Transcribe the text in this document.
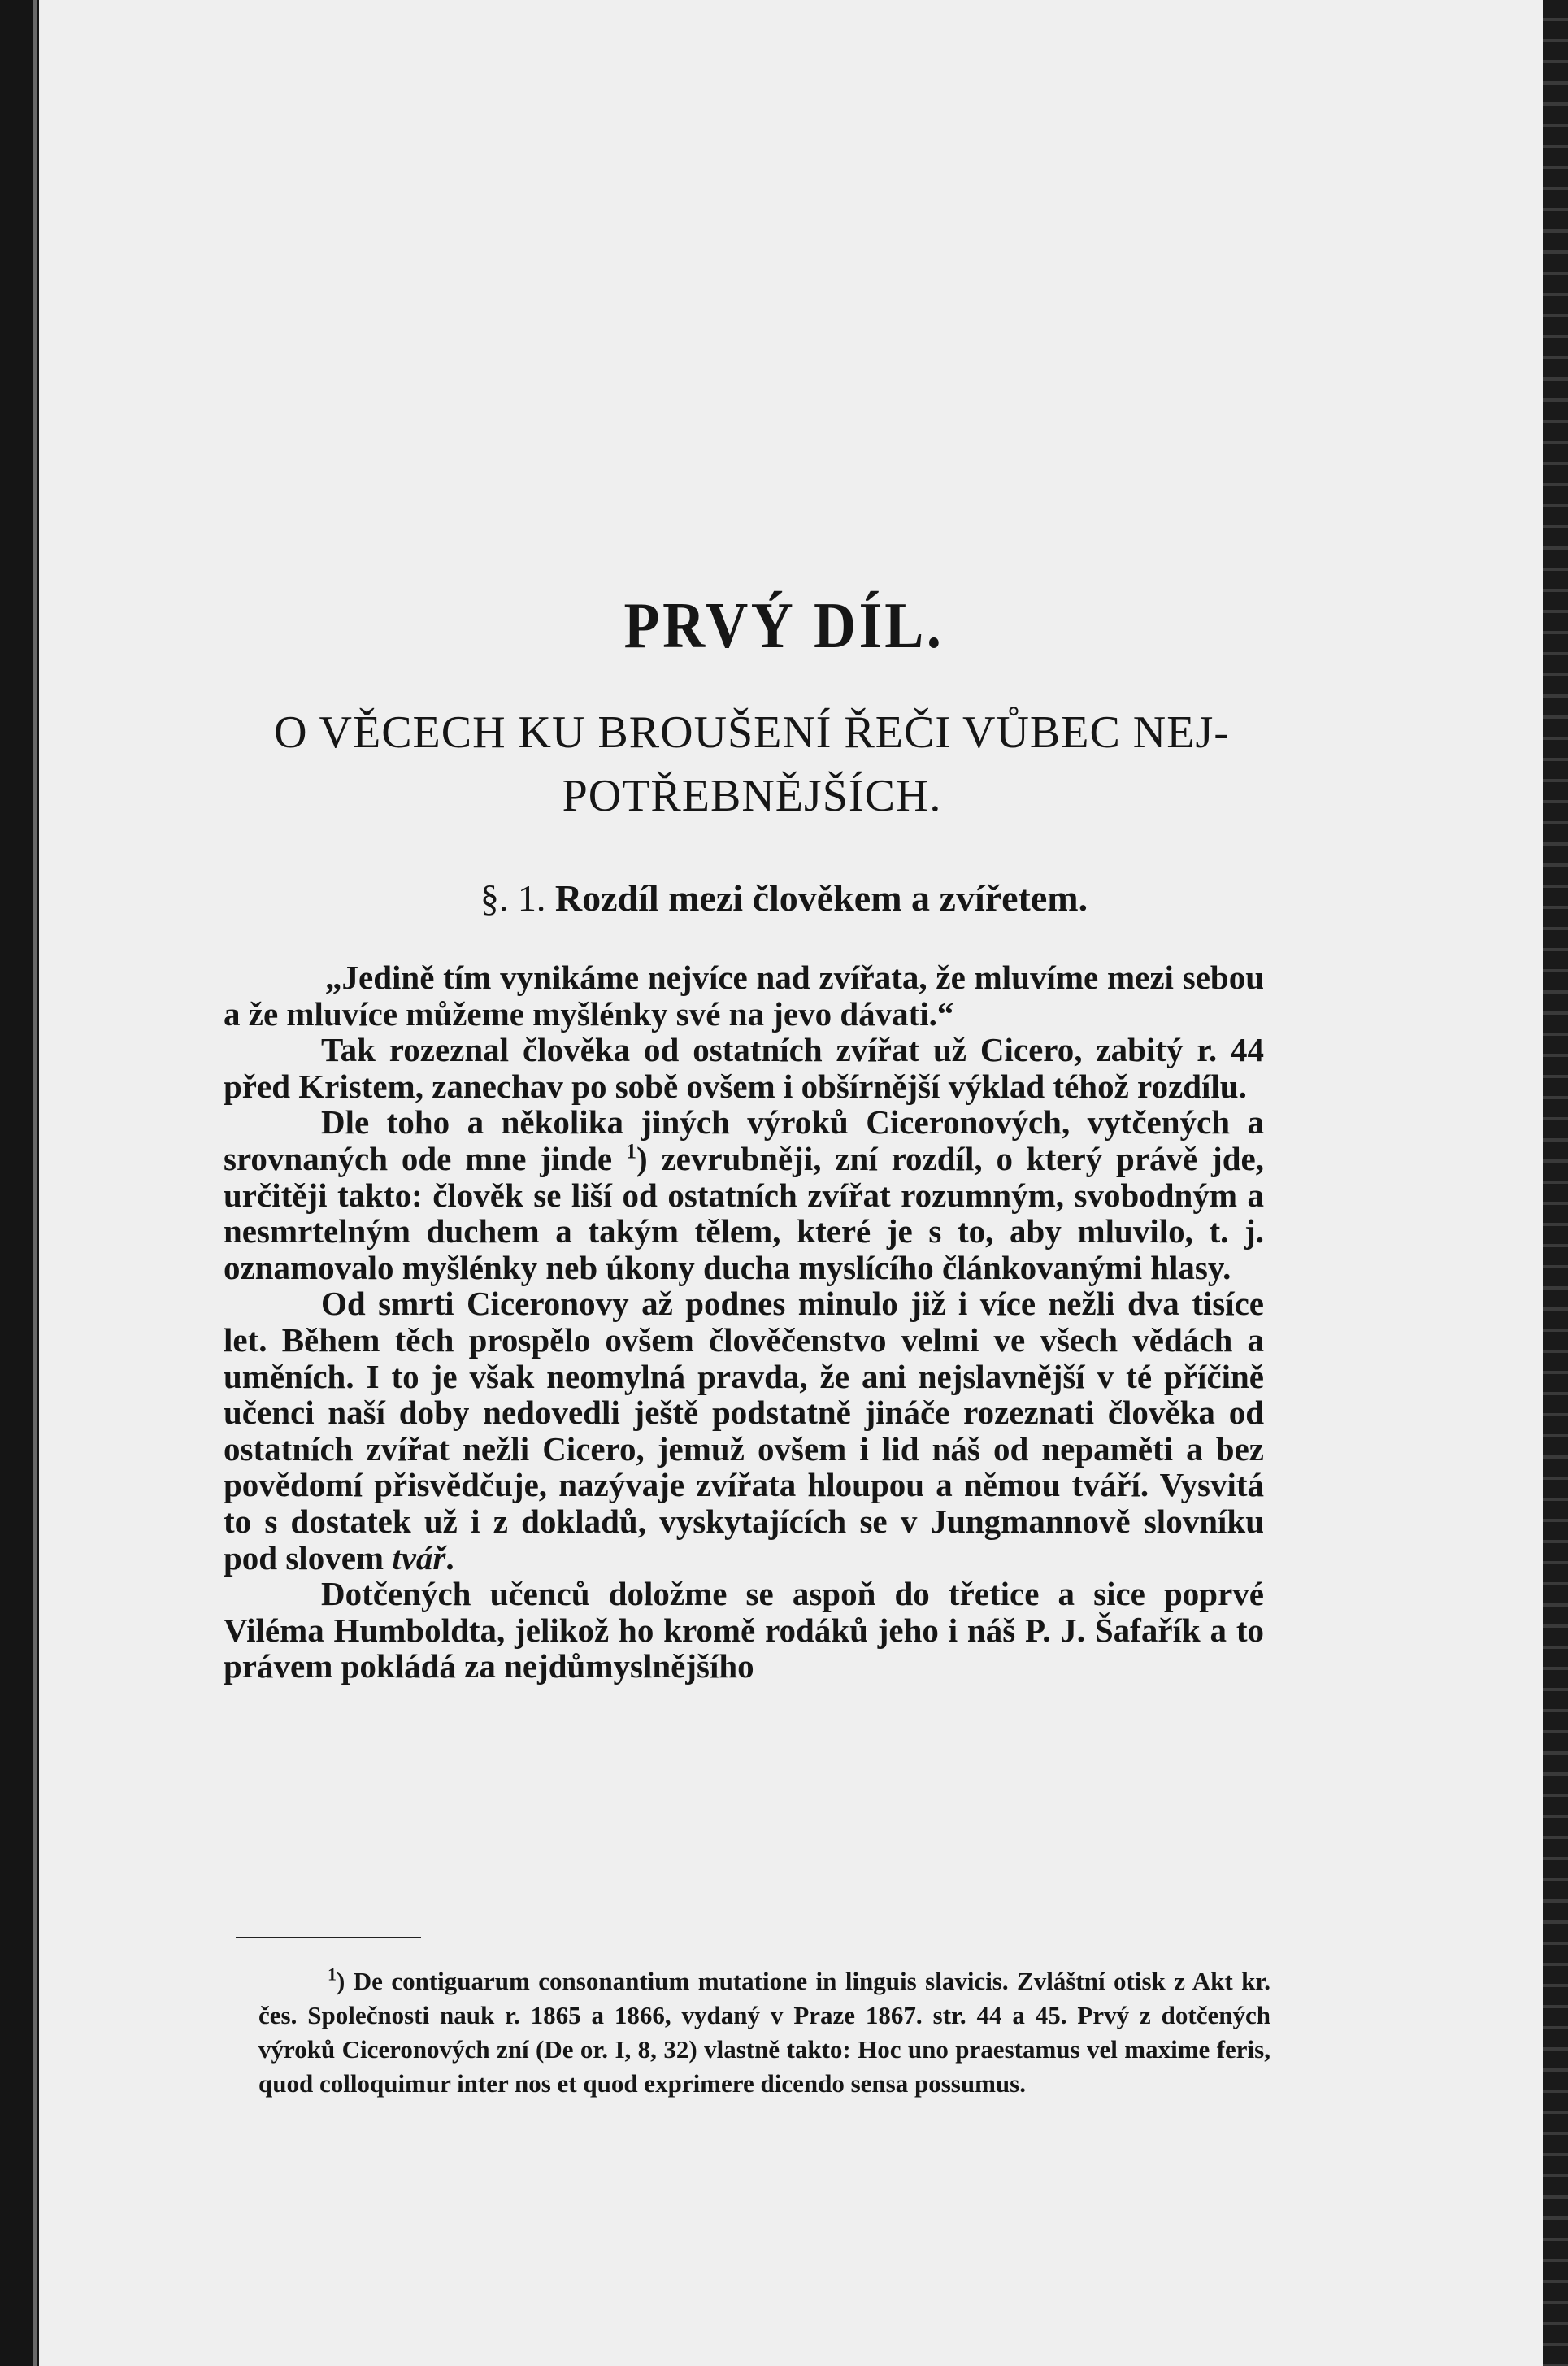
PRVÝ DÍL.
O VĚCECH KU BROUŠENÍ ŘEČI VŮBEC NEJ-POTŘEBNĚJŠÍCH.
§. 1. Rozdíl mezi člověkem a zvířetem.

„Jedině tím vynikáme nejvíce nad zvířata, že mluvíme mezi sebou a že mluvíce můžeme myšlénky své na jevo dávati.“

Tak rozeznal člověka od ostatních zvířat už Cicero, zabitý r. 44 před Kristem, zanechav po sobě ovšem i obšírnější výklad téhož rozdílu.

Dle toho a několika jiných výroků Ciceronových, vytčených a srovnaných ode mne jinde $^1$) zevrubněji, zní rozdíl, o který právě jde, určitěji takto: člověk se liší od ostatních zvířat rozumným, svobodným a nesmrtelným duchem a takým tělem, které je s to, aby mluvilo, t. j. oznamovalo myšlénky neb úkony ducha myslícího článkovanými hlasy.

Od smrti Ciceronovy až podnes minulo již i více nežli dva tisíce let. Během těch prospělo ovšem člověčenstvo velmi ve všech vědách a uměních. I to je však neomylná pravda, že ani nejslavnější v té příčině učenci naší doby nedovedli ještě podstatně jináče rozeznati člověka od ostatních zvířat nežli Cicero, jemuž ovšem i lid náš od nepaměti a bez povědomí přisvědčuje, nazývaje zvířata hloupou a němou tváří. Vysvitá to s dostatek už i z dokladů, vyskytajících se v Jungmannově slovníku pod slovem tvář.

Dotčených učenců doložme se aspoň do třetice a sice poprvé Viléma Humboldta, jelikož ho kromě rodáků jeho i náš P. J. Šafařík a to právem pokládá za nejdůmyslnějšího

$^1$) De contiguarum consonantium mutatione in linguis slavicis. Zvláštní otisk z Akt kr. čes. Společnosti nauk r. 1865 a 1866, vydaný v Praze 1867. str. 44 a 45. Prvý z dotčených výroků Ciceronových zní (De or. I, 8, 32) vlastně takto: Hoc uno praestamus vel maxime feris, quod colloquimur inter nos et quod exprimere dicendo sensa possumus.
